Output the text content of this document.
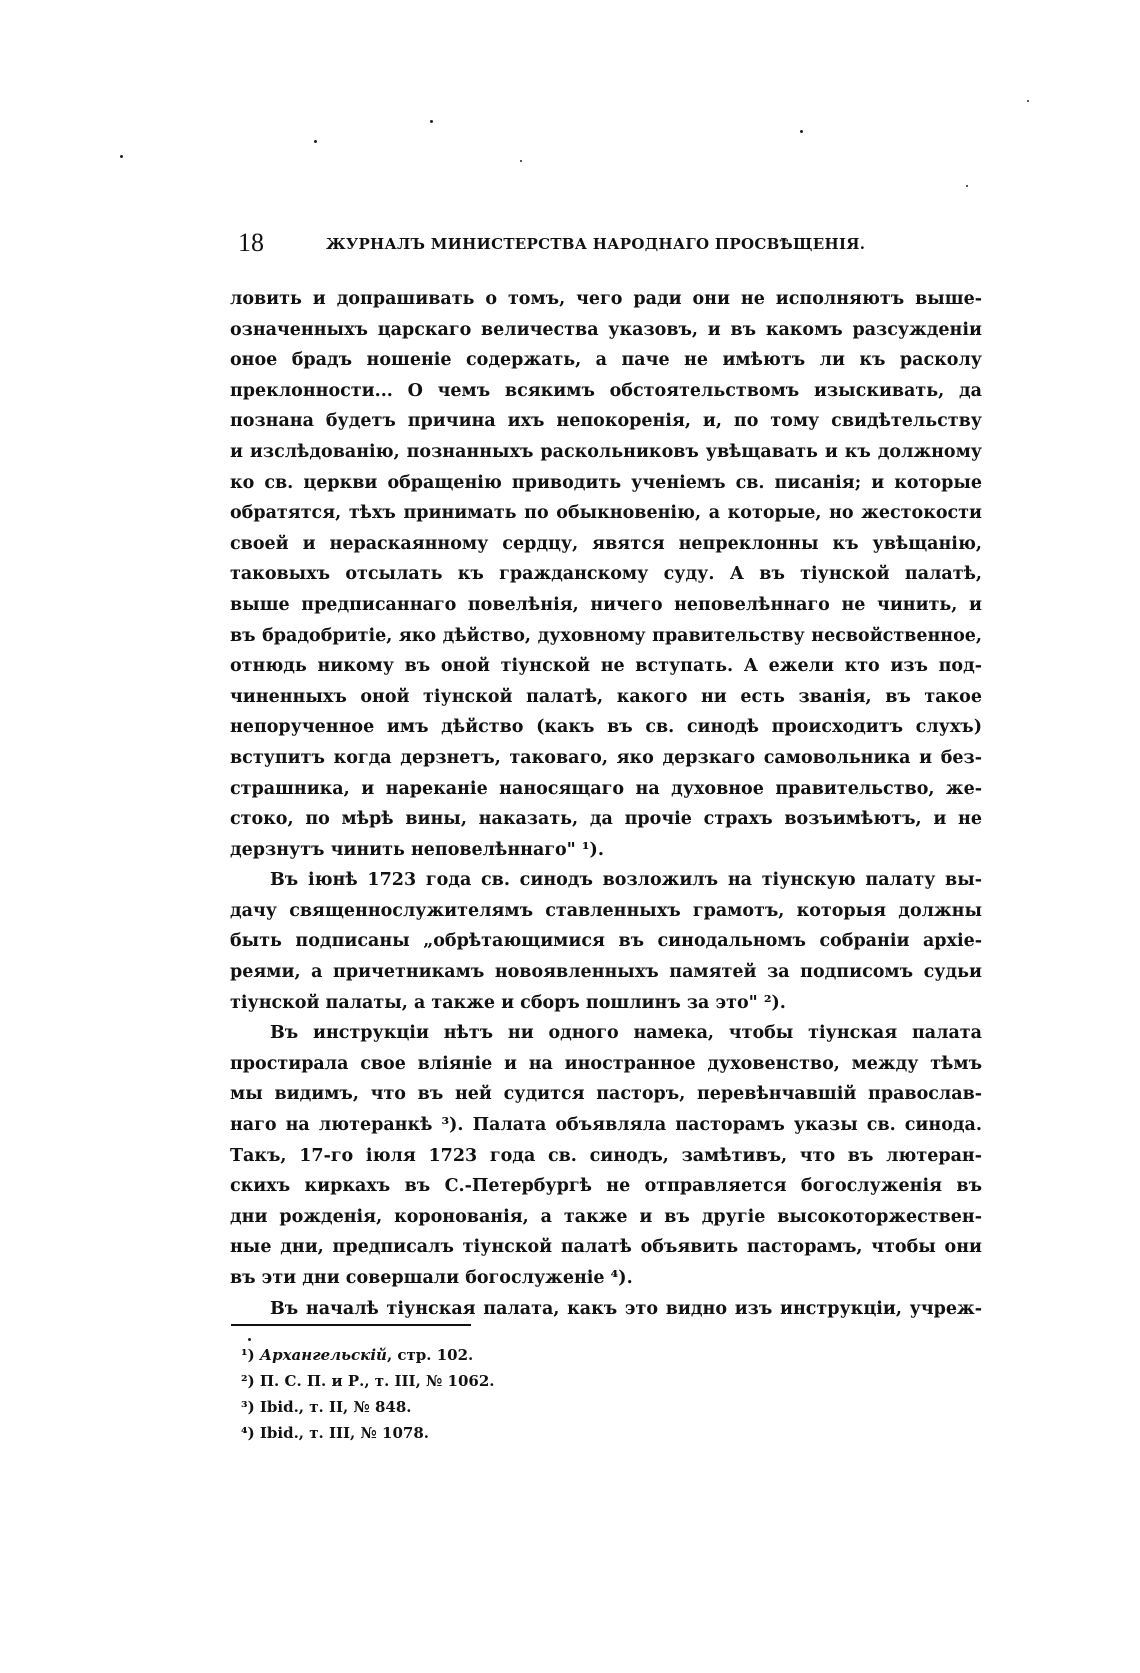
18	ЖУРНАЛЪ МИНИСТЕРСТВА НАРОДНАГО ПРОСВѢЩЕНІЯ.
ловить и допрашивать о томъ, чего ради они не исполняютъ выше-
означенныхъ царскаго величества указовъ, и въ какомъ разсужденіи
оное брадъ ношеніе содержать, а паче не имѣютъ ли къ расколу
преклонности... О чемъ всякимъ обстоятельствомъ изыскивать, да
познана будетъ причина ихъ непокоренія, и, по тому свидѣтельству
и изслѣдованію, познанныхъ раскольниковъ увѣщавать и къ должному
ко св. церкви обращенію приводить ученіемъ св. писанія; и которые
обратятся, тѣхъ принимать по обыкновенію, а которые, но жестокости
своей и нераскаянному сердцу, явятся непреклонны къ увѣщанію,
таковыхъ отсылать къ гражданскому суду. А въ тіунской палатѣ,
выше предписаннаго повелѣнія, ничего неповелѣннаго не чинить, и
въ брадобритіе, яко дѣйство, духовному правительству несвойственное,
отнюдь никому въ оной тіунской не вступать. А ежели кто изъ под-
чиненныхъ оной тіунской палатѣ, какого ни есть званія, въ такое
непорученное имъ дѣйство (какъ въ св. синодѣ происходитъ слухъ)
вступитъ когда дерзнетъ, таковаго, яко дерзкаго самовольника и без-
страшника, и нареканіе наносящаго на духовное правительство, же-
стоко, по мѣрѣ вины, наказать, да прочіе страхъ возъимѣютъ, и не
дерзнутъ чинить неповелѣннаго" ¹).
Въ іюнѣ 1723 года св. синодъ возложилъ на тіунскую палату вы-
дачу священнослужителямъ ставленныхъ грамотъ, которыя должны
быть подписаны „обрѣтающимися въ синодальномъ собраніи архіе-
реями, а причетникамъ новоявленныхъ памятей за подписомъ судьи
тіунской палаты, а также и сборъ пошлинъ за это" ²).
Въ инструкціи нѣтъ ни одного намека, чтобы тіунская палата
простирала свое вліяніе и на иностранное духовенство, между тѣмъ
мы видимъ, что въ ней судится пасторъ, перевѣнчавшій православ-
наго на лютеранкѣ ³). Палата объявляла пасторамъ указы св. синода.
Такъ, 17-го іюля 1723 года св. синодъ, замѣтивъ, что въ лютеран-
скихъ киркахъ въ С.-Петербургѣ не отправляется богослуженія въ
дни рожденія, коронованія, а также и въ другіе высокоторжествен-
ные дни, предписалъ тіунской палатѣ объявить пасторамъ, чтобы они
въ эти дни совершали богослуженіе ⁴).
Въ началѣ тіунская палата, какъ это видно изъ инструкціи, учреж-
¹) Архангельскій, стр. 102.
²) П. С. П. и Р., т. III, № 1062.
³) Ibid., т. II, № 848.
⁴) Ibid., т. III, № 1078.
